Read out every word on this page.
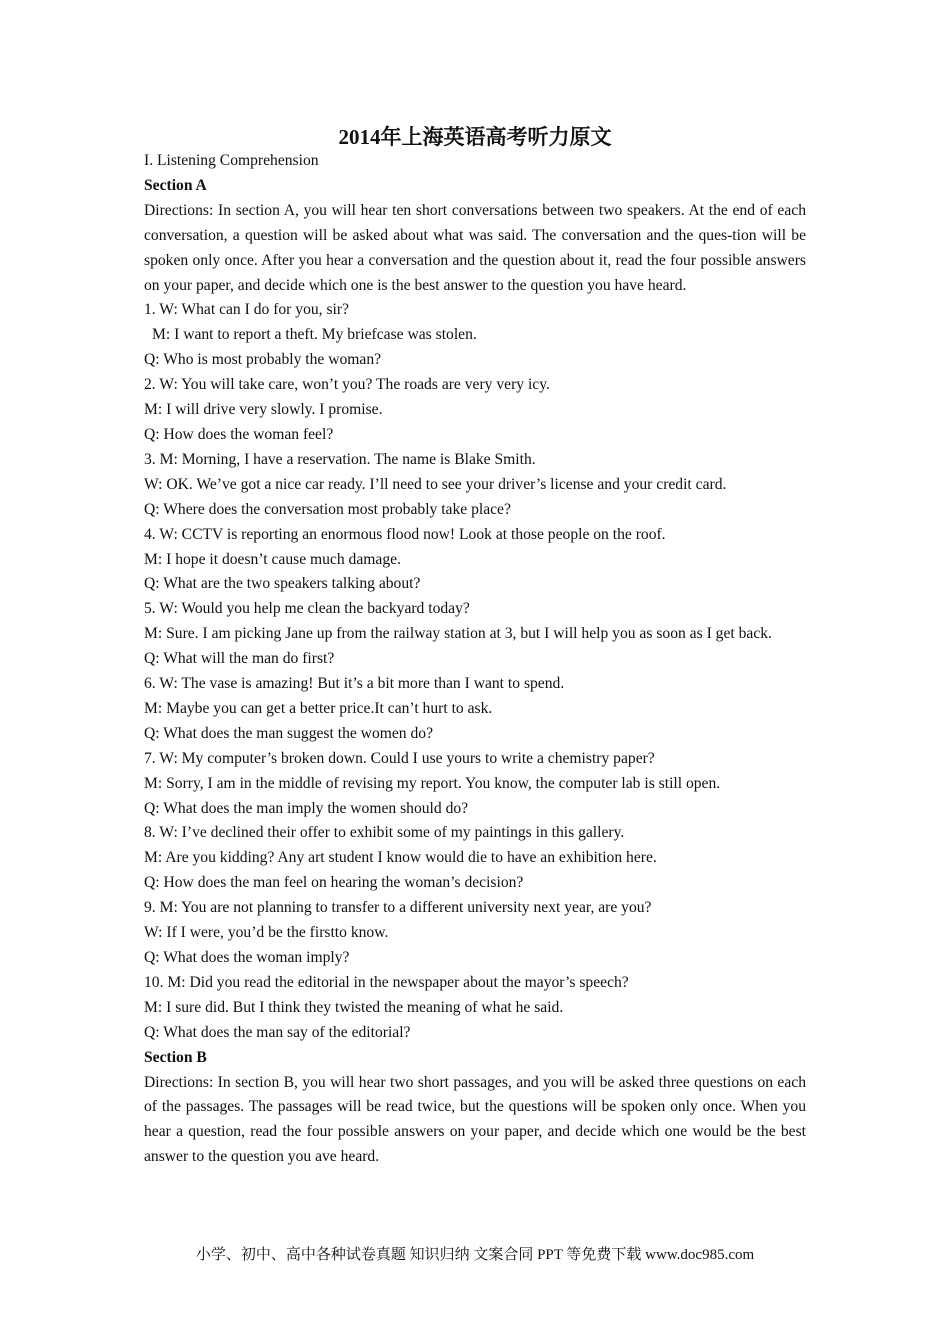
2014年上海英语高考听力原文
I. Listening Comprehension
Section A
Directions: In section A, you will hear ten short conversations between two speakers. At the end of each conversation, a question will be asked about what was said. The conversation and the ques-tion will be spoken only once. After you hear a conversation and the question about it, read the four possible answers on your paper, and decide which one is the best answer to the question you have heard.
1. W: What can I do for you, sir?
M: I want to report a theft. My briefcase was stolen.
Q: Who is most probably the woman?
2. W: You will take care, won’t you? The roads are very very icy.
M: I will drive very slowly. I promise.
Q: How does the woman feel?
3. M: Morning, I have a reservation. The name is Blake Smith.
W: OK. We’ve got a nice car ready. I’ll need to see your driver’s license and your credit card.
Q: Where does the conversation most probably take place?
4. W: CCTV is reporting an enormous flood now! Look at those people on the roof.
M: I hope it doesn’t cause much damage.
Q: What are the two speakers talking about?
5. W: Would you help me clean the backyard today?
M: Sure. I am picking Jane up from the railway station at 3, but I will help you as soon as I get back.
Q: What will the man do first?
6. W: The vase is amazing! But it’s a bit more than I want to spend.
M: Maybe you can get a better price.It can’t hurt to ask.
Q: What does the man suggest the women do?
7. W: My computer’s broken down. Could I use yours to write a chemistry paper?
M: Sorry, I am in the middle of revising my report. You know, the computer lab is still open.
Q: What does the man imply the women should do?
8. W: I’ve declined their offer to exhibit some of my paintings in this gallery.
M: Are you kidding? Any art student I know would die to have an exhibition here.
Q: How does the man feel on hearing the woman’s decision?
9. M: You are not planning to transfer to a different university next year, are you?
W: If I were, you’d be the firstto know.
Q: What does the woman imply?
10. M: Did you read the editorial in the newspaper about the mayor’s speech?
M: I sure did. But I think they twisted the meaning of what he said.
Q: What does the man say of the editorial?
Section B
Directions: In section B, you will hear two short passages, and you will be asked three questions on each of the passages. The passages will be read twice, but the questions will be spoken only once. When you hear a question, read the four possible answers on your paper, and decide which one would be the best answer to the question you ave heard.
小学、初中、高中各种试卷真题 知识归纳 文案合同 PPT 等免费下载 www.doc985.com
